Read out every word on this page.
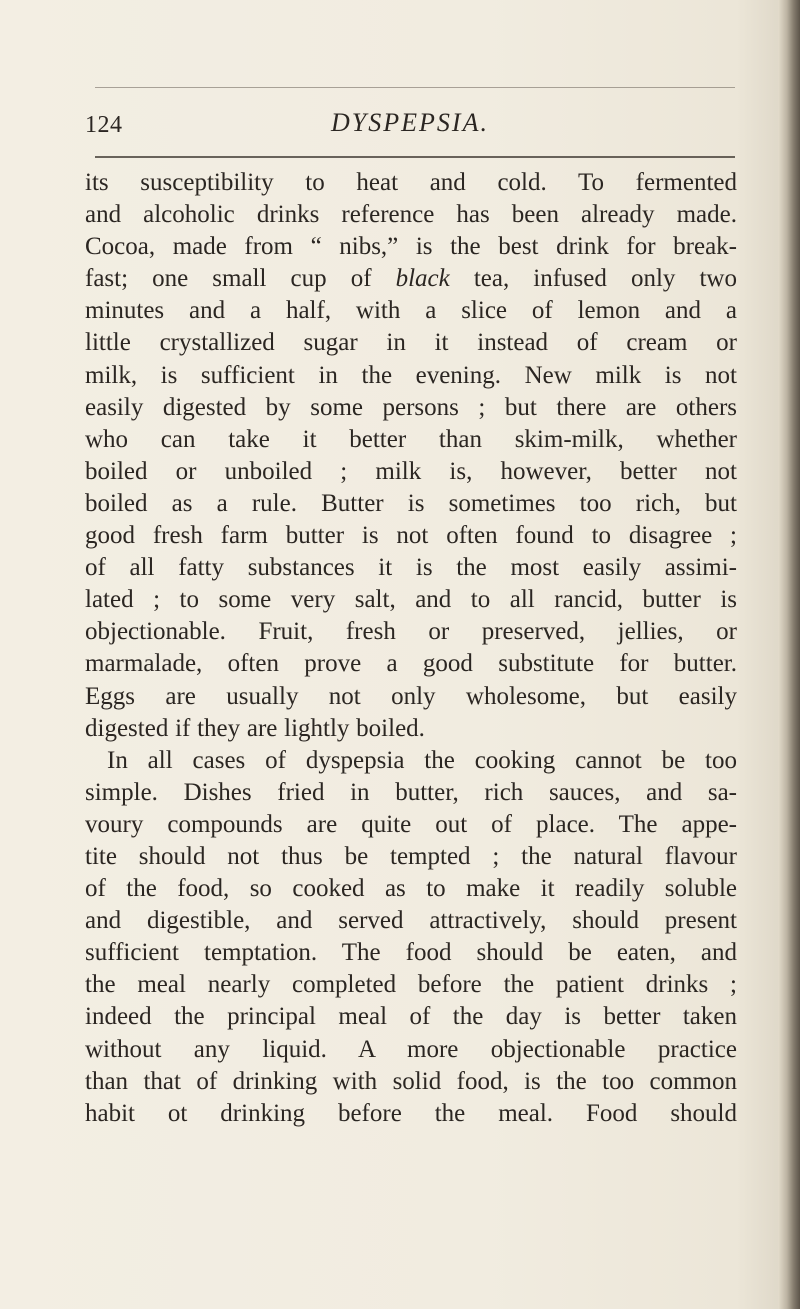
124	DYSPEPSIA.
its susceptibility to heat and cold. To fermented
and alcoholic drinks reference has been already made.
Cocoa, made from “ nibs,” is the best drink for break-
fast; one small cup of black tea, infused only two
minutes and a half, with a slice of lemon and a
little crystallized sugar in it instead of cream or
milk, is sufficient in the evening. New milk is not
easily digested by some persons ; but there are others
who can take it better than skim-milk, whether
boiled or unboiled ; milk is, however, better not
boiled as a rule. Butter is sometimes too rich, but
good fresh farm butter is not often found to disagree ;
of all fatty substances it is the most easily assimi-
lated ; to some very salt, and to all rancid, butter is
objectionable. Fruit, fresh or preserved, jellies, or
marmalade, often prove a good substitute for butter.
Eggs are usually not only wholesome, but easily
digested if they are lightly boiled.
In all cases of dyspepsia the cooking cannot be too
simple. Dishes fried in butter, rich sauces, and sa-
voury compounds are quite out of place. The appe-
tite should not thus be tempted ; the natural flavour
of the food, so cooked as to make it readily soluble
and digestible, and served attractively, should present
sufficient temptation. The food should be eaten, and
the meal nearly completed before the patient drinks ;
indeed the principal meal of the day is better taken
without any liquid. A more objectionable practice
than that of drinking with solid food, is the too common
habit ot drinking before the meal. Food should
